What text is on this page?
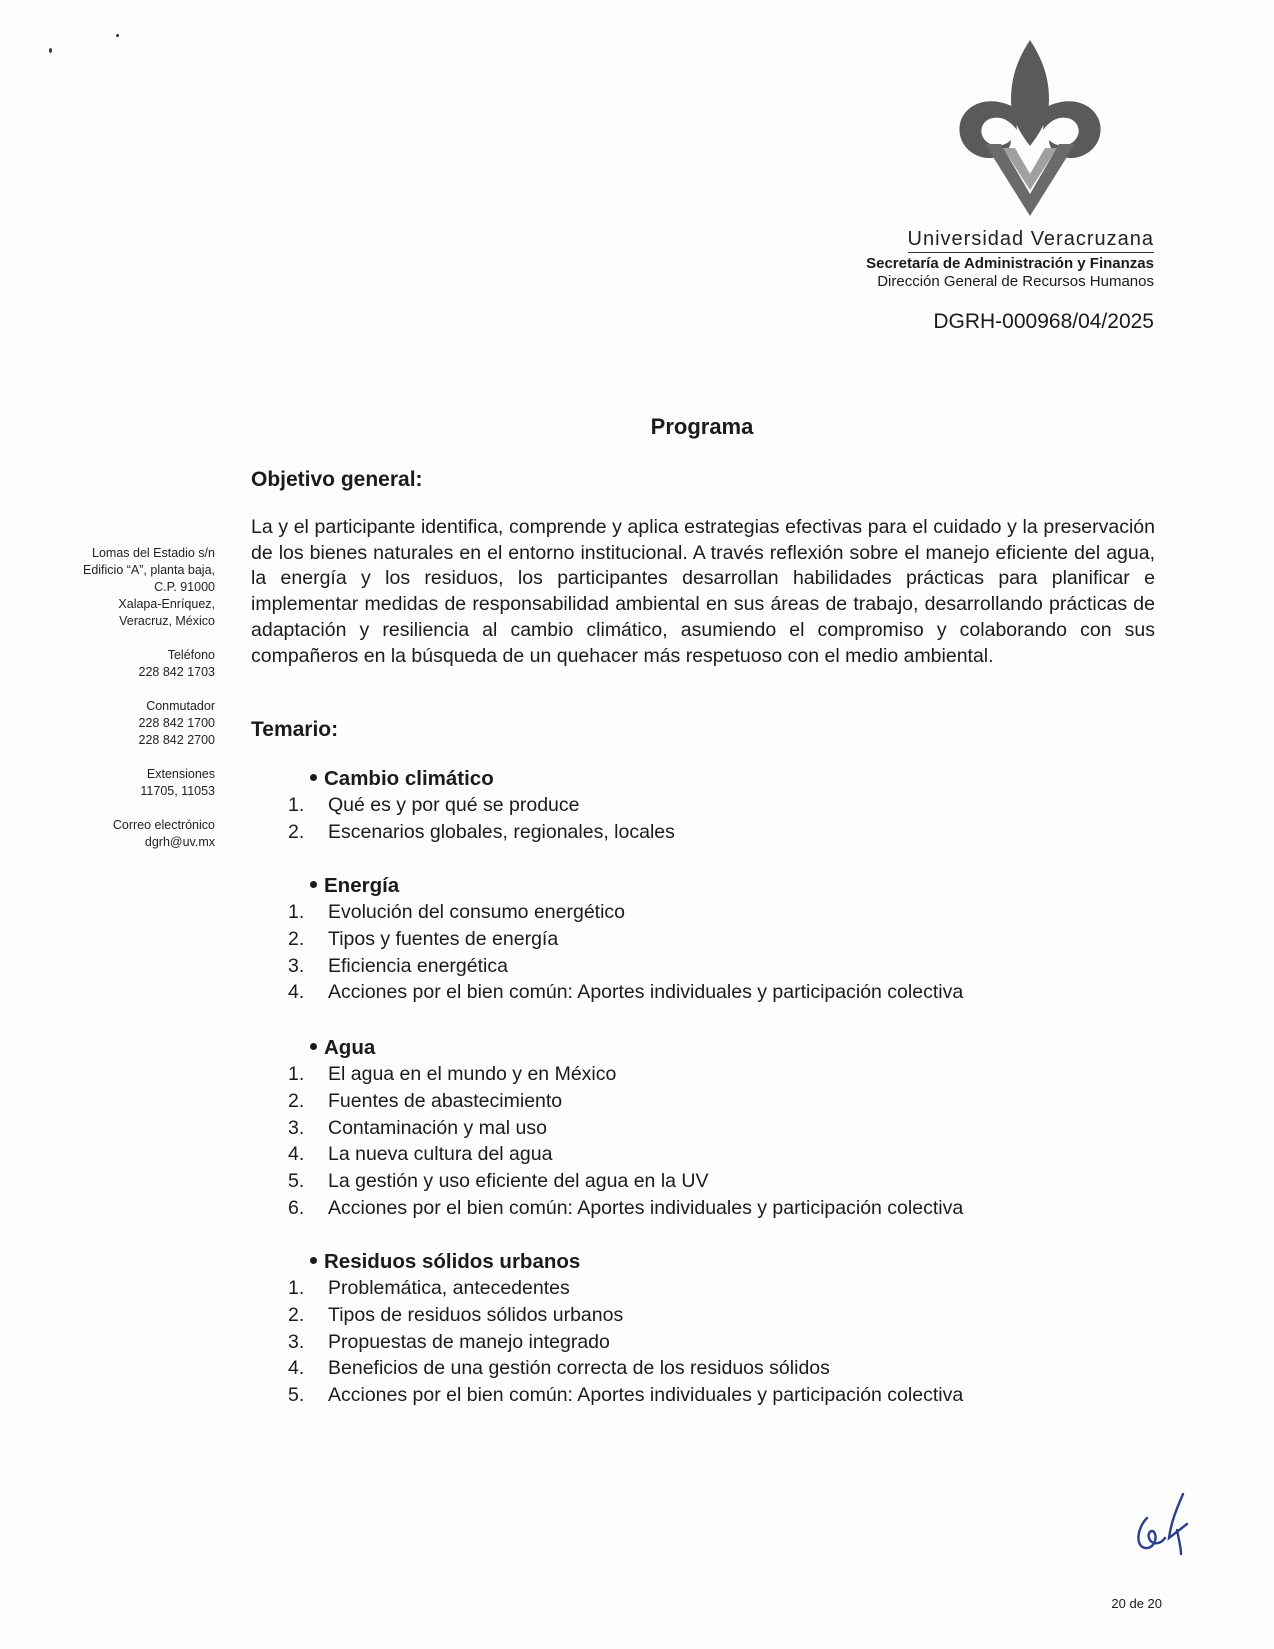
Universidad Veracruzana
Secretaría de Administración y Finanzas
Dirección General de Recursos Humanos
DGRH-000968/04/2025
Lomas del Estadio s/n
Edificio “A”, planta baja,
C.P. 91000
Xalapa-Enríquez,
Veracruz, México
Teléfono
228 842 1703
Conmutador
228 842 1700
228 842 2700
Extensiones
11705, 11053
Correo electrónico
dgrh@uv.mx
Programa
Objetivo general:
La y el participante identifica, comprende y aplica estrategias efectivas para el cuidado y la preservación de los bienes naturales en el entorno institucional. A través reflexión sobre el manejo eficiente del agua, la energía y los residuos, los participantes desarrollan habilidades prácticas para planificar e implementar medidas de responsabilidad ambiental en sus áreas de trabajo, desarrollando prácticas de adaptación y resiliencia al cambio climático, asumiendo el compromiso y colaborando con sus compañeros en la búsqueda de un quehacer más respetuoso con el medio ambiental.
Temario:
Cambio climático
1. Qué es y por qué se produce
2. Escenarios globales, regionales, locales
Energía
1. Evolución del consumo energético
2. Tipos y fuentes de energía
3. Eficiencia energética
4. Acciones por el bien común: Aportes individuales y participación colectiva
Agua
1. El agua en el mundo y en México
2. Fuentes de abastecimiento
3. Contaminación y mal uso
4. La nueva cultura del agua
5. La gestión y uso eficiente del agua en la UV
6. Acciones por el bien común: Aportes individuales y participación colectiva
Residuos sólidos urbanos
1. Problemática, antecedentes
2. Tipos de residuos sólidos urbanos
3. Propuestas de manejo integrado
4. Beneficios de una gestión correcta de los residuos sólidos
5. Acciones por el bien común: Aportes individuales y participación colectiva
20 de 20
